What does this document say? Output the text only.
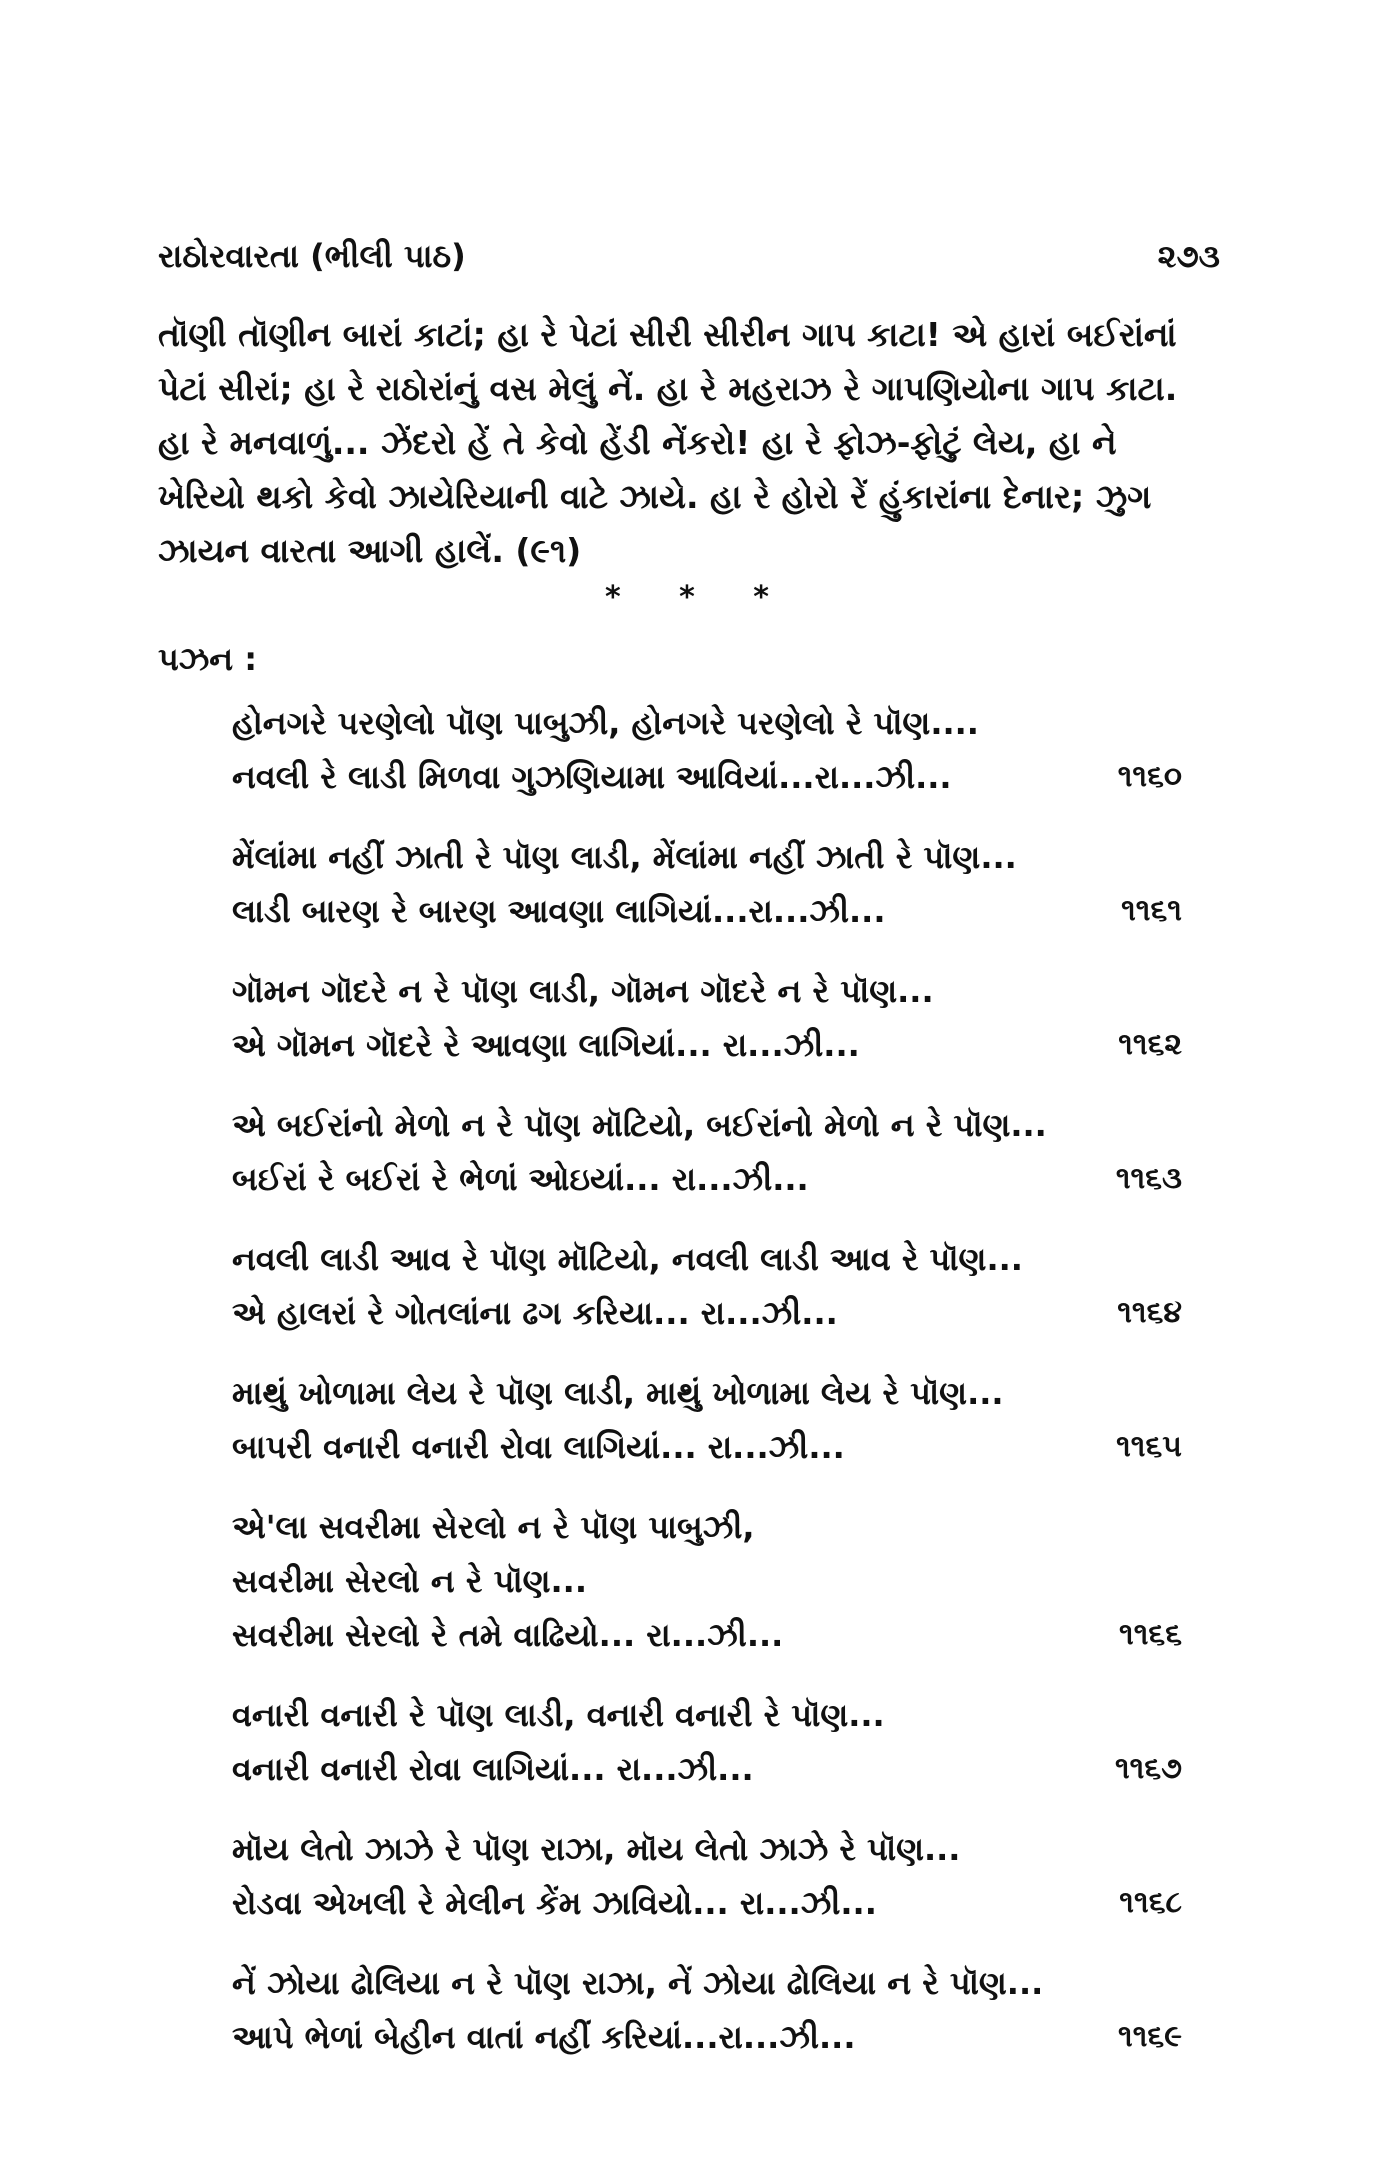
રાઠોરવારતા (ભીલી પાઠ)	૨૭૩
તૉણી તૉણીન બારાં કાટાં; હા રે પેટાં સીરી સીરીન ગાપ કાટા! એ હારાં બઈરાંનાં
પેટાં સીરાં; હા રે રાઠોરાંનું વસ મેલું નેં. હા રે મહરાઝ રે ગાપણિયોના ગાપ કાટા.
હા રે મનવાળું... ઝેંદરો હેં તે કેવો હેંડી નેંકરો! હા રે ફોઝ-ફોટું લેય, હા ને
ખેરિયો થકો કેવો ઝાયેરિયાની વાટે ઝાયે. હા રે હોરો રેં હુંકારાંના દેનાર; ઝુગ
ઝાયન વારતા આગી હાલેં. (૯૧)
* * *
પઝન :
હોનગરે પરણેલો પૉણ પાબુઝી, હોનગરે પરણેલો રે પૉણ....
નવલી રે લાડી મિળવા ગુઝણિયામા આવિયાં...રા...ઝી...	૧૧૬૦
મેંલાંમા નહીં ઝાતી રે પૉણ લાડી, મેંલાંમા નહીં ઝાતી રે પૉણ...
લાડી બારણ રે બારણ આવણા લાગિયાં...રા...ઝી...	૧૧૬૧
ગૉમન ગૉદરે ન રે પૉણ લાડી, ગૉમન ગૉદરે ન રે પૉણ...
એ ગૉમન ગૉદરે રે આવણા લાગિયાં... રા...ઝી...	૧૧૬૨
એ બઈરાંનો મેળો ન રે પૉણ મૉટિયો, બઈરાંનો મેળો ન રે પૉણ...
બઈરાં રે બઈરાં રે ભેળાં ઓઇયાં... રા...ઝી...	૧૧૬૩
નવલી લાડી આવ રે પૉણ મૉટિયો, નવલી લાડી આવ રે પૉણ...
એ હાલરાં રે ગોતલાંના ઢગ કરિયા... રા...ઝી...	૧૧૬૪
માથું ખોળામા લેય રે પૉણ લાડી, માથું ખોળામા લેય રે પૉણ...
બાપરી વનારી વનારી રોવા લાગિયાં... રા...ઝી...	૧૧૬૫
એ'લા સવરીમા સેરલો ન રે પૉણ પાબુઝી,
સવરીમા સેરલો ન રે પૉણ...
સવરીમા સેરલો રે તમે વાઢિયો... રા...ઝી...	૧૧૬૬
વનારી વનારી રે પૉણ લાડી, વનારી વનારી રે પૉણ...
વનારી વનારી રોવા લાગિયાં... રા...ઝી...	૧૧૬૭
મૉય લેતો ઝાઝે રે પૉણ રાઝા, મૉય લેતો ઝાઝે રે પૉણ...
રોડવા એખલી રે મેલીન કેંમ ઝાવિયો... રા...ઝી...	૧૧૬૮
નેં ઝોયા ઢોલિયા ન રે પૉણ રાઝા, નેં ઝોયા ઢોલિયા ન રે પૉણ...
આપે ભેળાં બેહીન વાતાં નહીં કરિયાં...રા...ઝી...	૧૧૬૯
